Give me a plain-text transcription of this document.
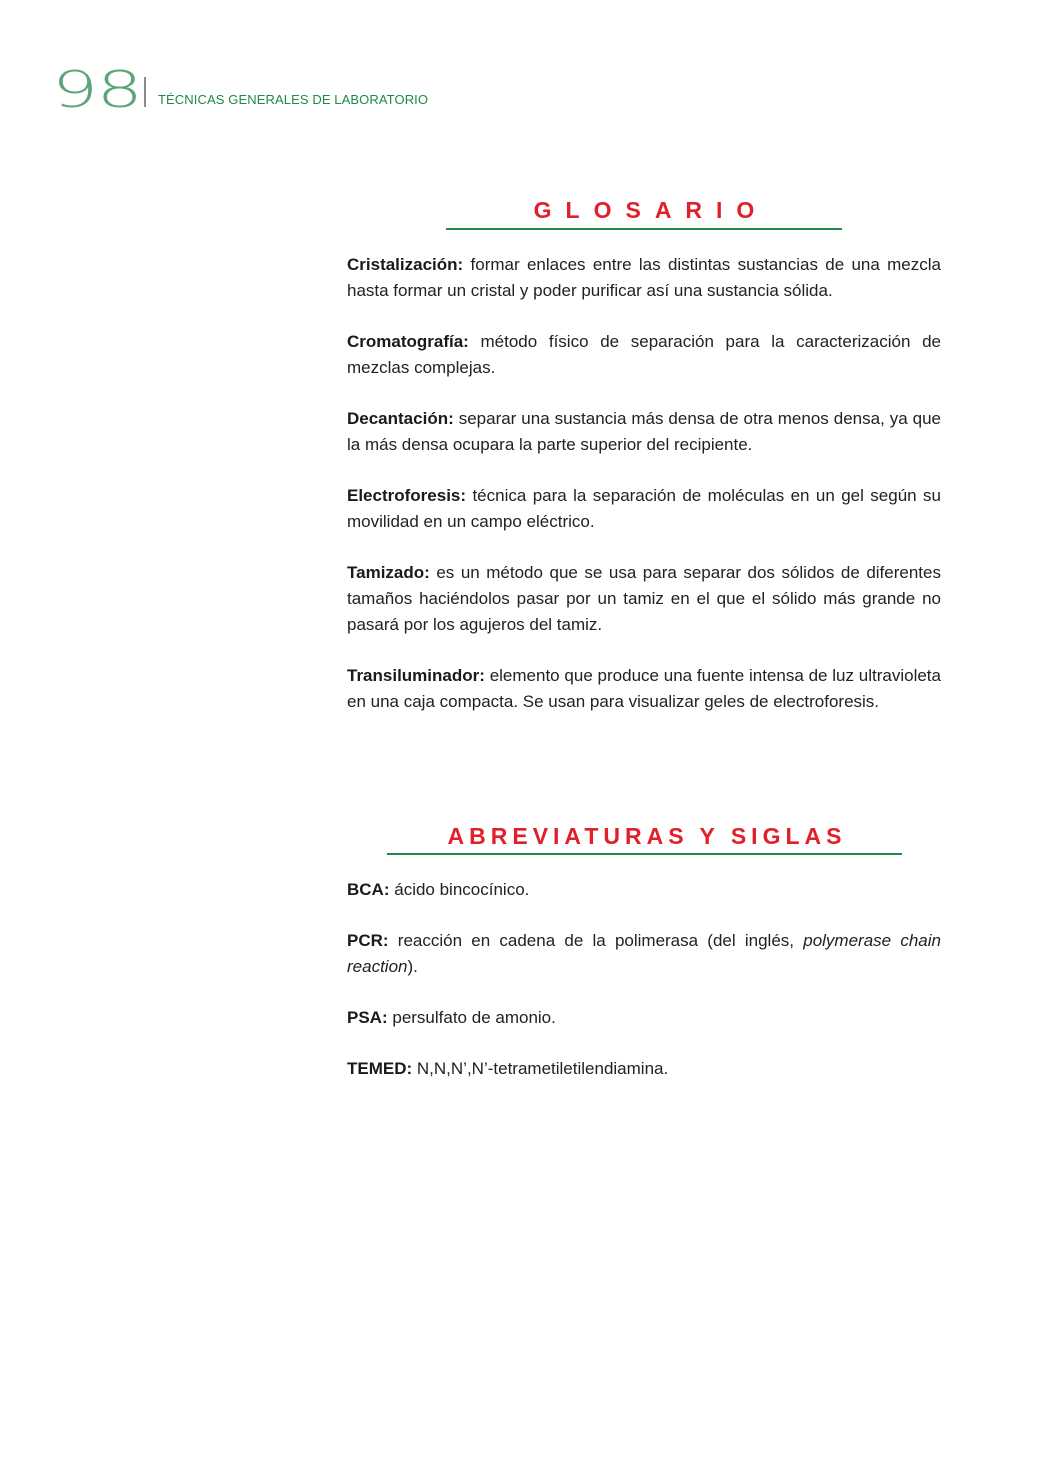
98	TÉCNICAS GENERALES DE LABORATORIO
GLOSARIO

Cristalización: formar enlaces entre las distintas sustancias de una mezcla hasta formar un cristal y poder purificar así una sustancia sólida.

Cromatografía: método físico de separación para la caracterización de mezclas complejas.

Decantación: separar una sustancia más densa de otra menos densa, ya que la más densa ocupara la parte superior del recipiente.

Electroforesis: técnica para la separación de moléculas en un gel según su movilidad en un campo eléctrico.

Tamizado: es un método que se usa para separar dos sólidos de diferentes tamaños haciéndolos pasar por un tamiz en el que el sólido más grande no pasará por los agujeros del tamiz.

Transiluminador: elemento que produce una fuente intensa de luz ultravioleta en una caja compacta. Se usan para visualizar geles de electroforesis.

ABREVIATURAS Y SIGLAS

BCA: ácido bincocínico.

PCR: reacción en cadena de la polimerasa (del inglés, polymerase chain reaction).

PSA: persulfato de amonio.

TEMED: N,N,N’,N’-tetrametiletilendiamina.
